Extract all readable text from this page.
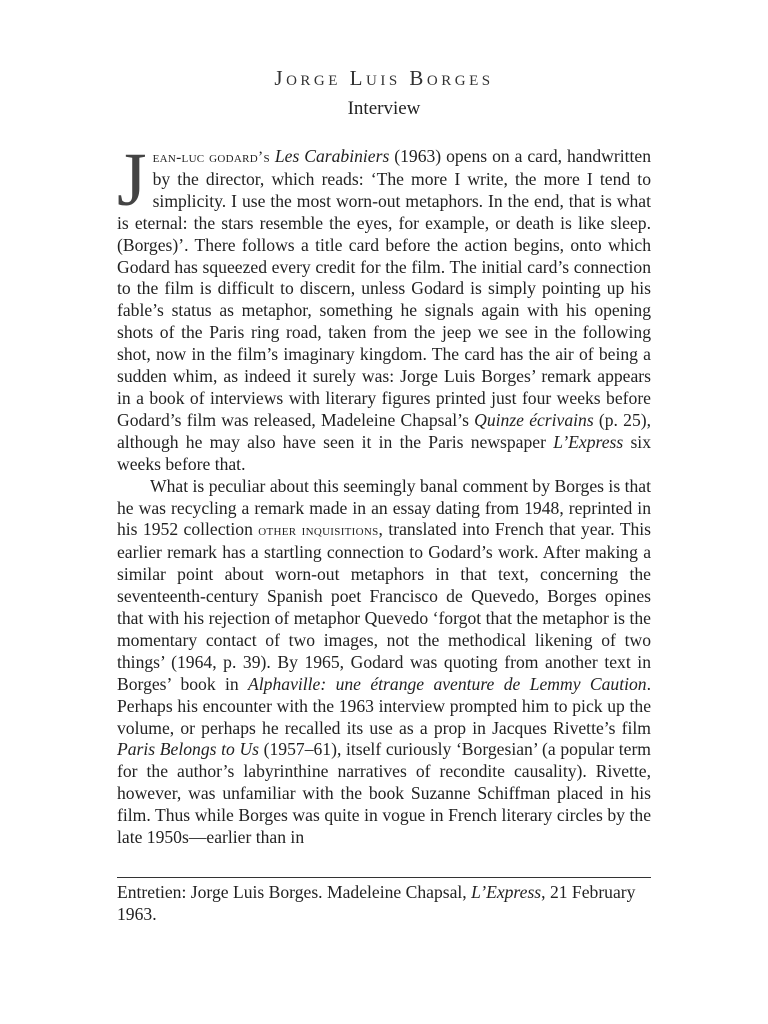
Jorge Luis Borges
Interview

Jean-luc godard’s Les Carabiniers (1963) opens on a card, handwritten by the director, which reads: ‘The more I write, the more I tend to simplicity. I use the most worn-out metaphors. In the end, that is what is eternal: the stars resemble the eyes, for example, or death is like sleep. (Borges)’. There follows a title card before the action begins, onto which Godard has squeezed every credit for the film. The initial card’s connection to the film is difficult to discern, unless Godard is simply pointing up his fable’s status as metaphor, something he signals again with his opening shots of the Paris ring road, taken from the jeep we see in the following shot, now in the film’s imaginary kingdom. The card has the air of being a sudden whim, as indeed it surely was: Jorge Luis Borges’ remark appears in a book of interviews with literary figures printed just four weeks before Godard’s film was released, Madeleine Chapsal’s Quinze écrivains (p. 25), although he may also have seen it in the Paris newspaper L’Express six weeks before that.

What is peculiar about this seemingly banal comment by Borges is that he was recycling a remark made in an essay dating from 1948, reprinted in his 1952 collection other inquisitions, translated into French that year. This earlier remark has a startling connection to Godard’s work. After making a similar point about worn-out metaphors in that text, concerning the seventeenth-century Spanish poet Francisco de Quevedo, Borges opines that with his rejection of metaphor Quevedo ‘forgot that the metaphor is the momentary contact of two images, not the methodical likening of two things’ (1964, p. 39). By 1965, Godard was quoting from another text in Borges’ book in Alphaville: une étrange aventure de Lemmy Caution. Perhaps his encounter with the 1963 interview prompted him to pick up the volume, or perhaps he recalled its use as a prop in Jacques Rivette’s film Paris Belongs to Us (1957–61), itself curiously ‘Borgesian’ (a popular term for the author’s labyrinthine narratives of recondite causality). Rivette, however, was unfamiliar with the book Suzanne Schiffman placed in his film. Thus while Borges was quite in vogue in French literary circles by the late 1950s—earlier than in

Entretien: Jorge Luis Borges. Madeleine Chapsal, L’Express, 21 February 1963.
